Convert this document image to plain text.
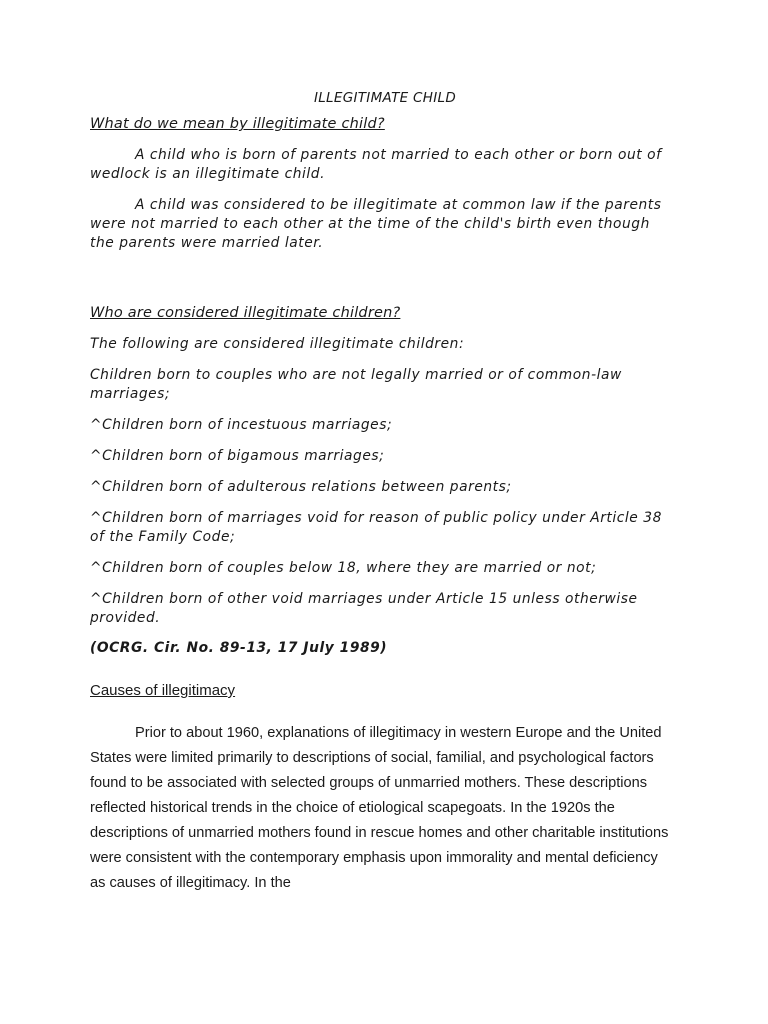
ILLEGITIMATE CHILD
What do we mean by illegitimate child?

A child who is born of parents not married to each other or born out of wedlock is an illegitimate child.

A child was considered to be illegitimate at common law if the parents were not married to each other at the time of the child's birth even though the parents were married later.

Who are considered illegitimate children?

The following are considered illegitimate children:

Children born to couples who are not legally married or of common-law marriages;

^Children born of incestuous marriages;

^Children born of bigamous marriages;

^Children born of adulterous relations between parents;

^Children born of marriages void for reason of public policy under Article 38 of the Family Code;

^Children born of couples below 18, where they are married or not;

^Children born of other void marriages under Article 15 unless otherwise provided.

(OCRG. Cir. No. 89-13, 17 July 1989)
Causes of illegitimacy

Prior to about 1960, explanations of illegitimacy in western Europe and the United States were limited primarily to descriptions of social, familial, and psychological factors found to be associated with selected groups of unmarried mothers. These descriptions reflected historical trends in the choice of etiological scapegoats. In the 1920s the descriptions of unmarried mothers found in rescue homes and other charitable institutions were consistent with the contemporary emphasis upon immorality and mental deficiency as causes of illegitimacy. In the
